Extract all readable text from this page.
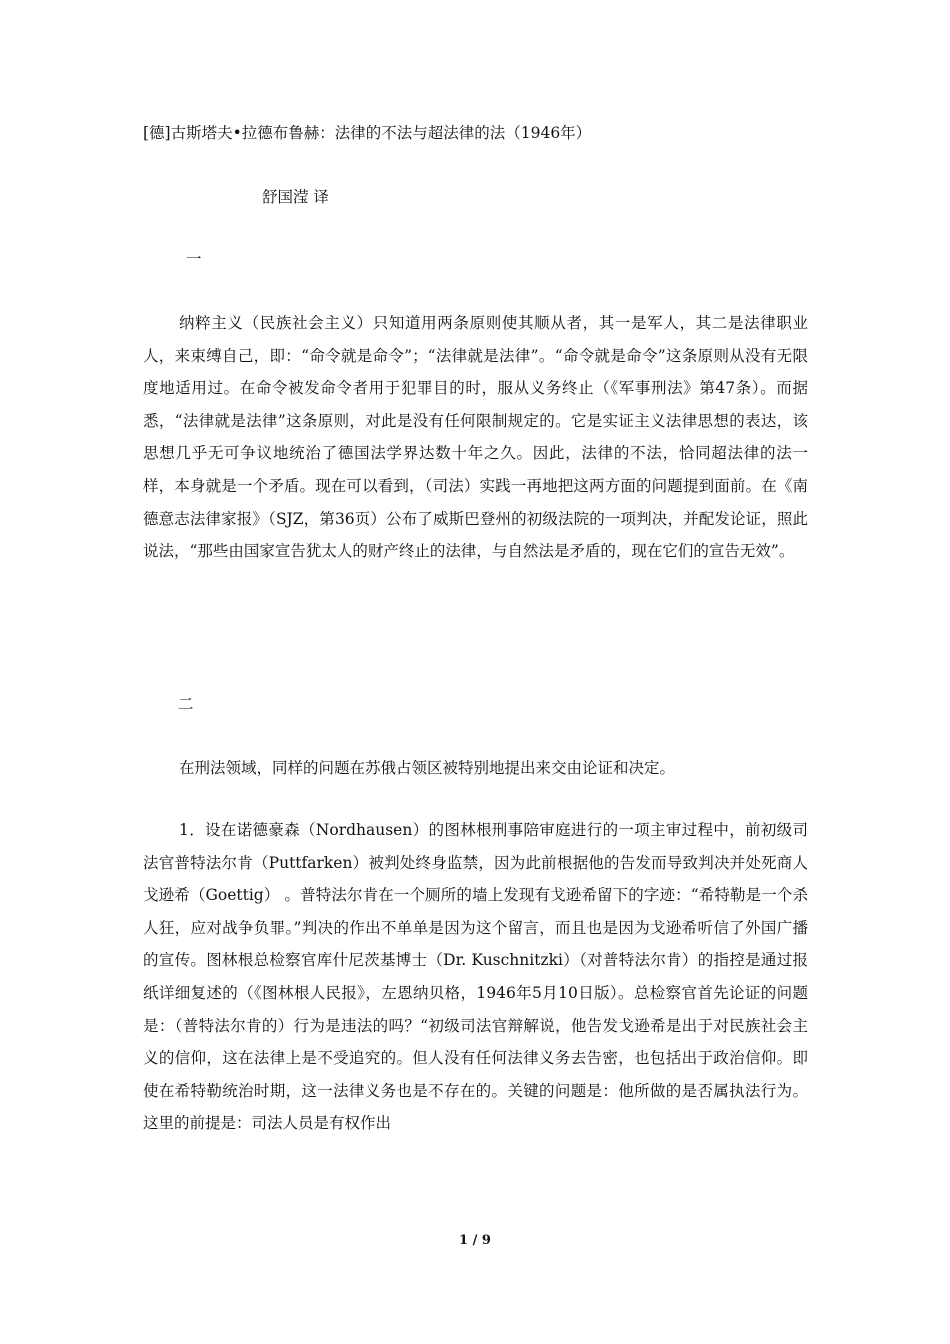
[德]古斯塔夫•拉德布鲁赫：法律的不法与超法律的法（1946年）
舒国滢 译
一

纳粹主义（民族社会主义）只知道用两条原则使其顺从者，其一是军人，其二是法律职业人，来束缚自己，即：“命令就是命令”；“法律就是法律”。“命令就是命令”这条原则从没有无限度地适用过。在命令被发命令者用于犯罪目的时，服从义务终止（《军事刑法》第47条）。而据悉，“法律就是法律”这条原则，对此是没有任何限制规定的。它是实证主义法律思想的表达，该思想几乎无可争议地统治了德国法学界达数十年之久。因此，法律的不法，恰同超法律的法一样，本身就是一个矛盾。现在可以看到，（司法）实践一再地把这两方面的问题提到面前。在《南德意志法律家报》（SJZ，第36页）公布了威斯巴登州的初级法院的一项判决，并配发论证，照此说法，“那些由国家宣告犹太人的财产终止的法律，与自然法是矛盾的，现在它们的宣告无效”。

二

在刑法领域，同样的问题在苏俄占领区被特别地提出来交由论证和决定。

1．设在诺德豪森（Nordhausen）的图林根刑事陪审庭进行的一项主审过程中，前初级司法官普特法尔肯（Puttfarken）被判处终身监禁，因为此前根据他的告发而导致判决并处死商人戈逊希（Goettig） 。普特法尔肯在一个厕所的墙上发现有戈逊希留下的字迹：“希特勒是一个杀人狂，应对战争负罪。”判决的作出不单单是因为这个留言，而且也是因为戈逊希听信了外国广播的宣传。图林根总检察官库什尼茨基博士（Dr. Kuschnitzki）（对普特法尔肯）的指控是通过报纸详细复述的（《图林根人民报》，左恩纳贝格，1946年5月10日版）。总检察官首先论证的问题是：（普特法尔肯的）行为是违法的吗？“初级司法官辩解说，他告发戈逊希是出于对民族社会主义的信仰，这在法律上是不受追究的。但人没有任何法律义务去告密，也包括出于政治信仰。即使在希特勒统治时期，这一法律义务也是不存在的。关键的问题是：他所做的是否属执法行为。这里的前提是：司法人员是有权作出

1 / 9
